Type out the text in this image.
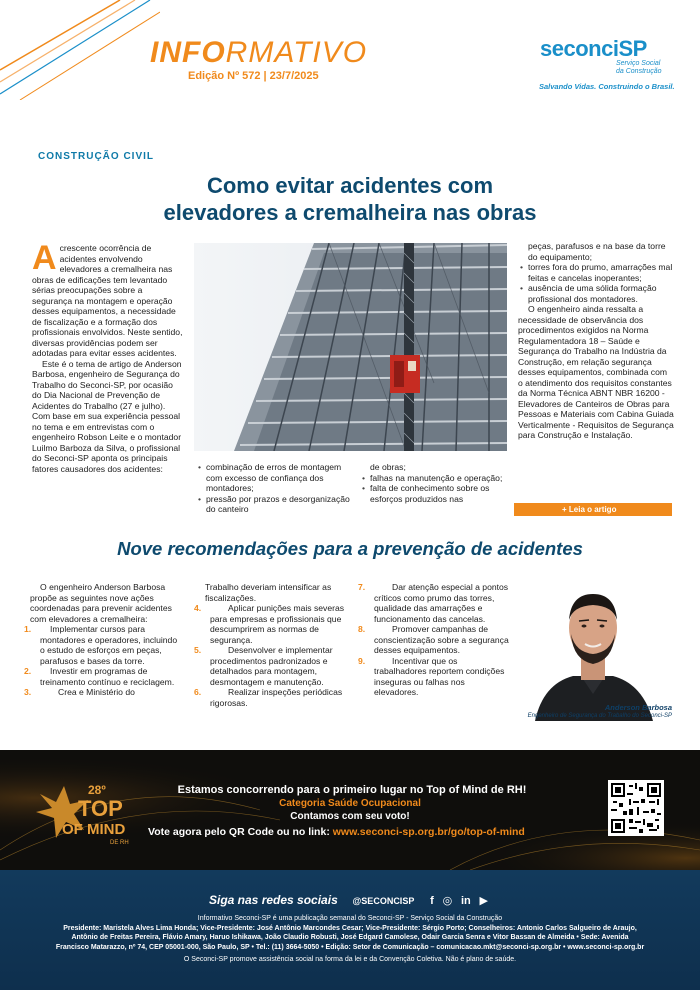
INFORMATIVO
Edição Nº 572 | 23/7/2025
seconciSP
Serviço Social
da Construção
Salvando Vidas. Construindo o Brasil.
CONSTRUÇÃO CIVIL
Como evitar acidentes com
elevadores a cremalheira nas obras

Acrescente ocorrência de acidentes envolvendo elevadores a cremalheira nas obras de edificações tem levantado sérias preocupações sobre a segurança na montagem e operação desses equipamentos, a necessidade de fiscalização e a formação dos profissionais envolvidos. Neste sentido, diversas providências podem ser adotadas para evitar esses acidentes.

Este é o tema de artigo de Anderson Barbosa, engenheiro de Segurança do Trabalho do Seconci-SP, por ocasião do Dia Nacional de Prevenção de Acidentes do Trabalho (27 e julho). Com base em sua experiência pessoal no tema e em entrevistas com o engenheiro Robson Leite e o montador Luilmo Barboza da Silva, o profissional do Seconci-SP aponta os principais fatores causadores dos acidentes:	• combinação de erros de montagem com excesso de confiança dos montadores;
• pressão por prazos e desorganização do canteiro

de obras;

• falhas na manutenção e operação;
• falta de conhecimento sobre os esforços produzidos nas

peças, parafusos e na base da torre do equipamento;

• torres fora do prumo, amarrações mal feitas e cancelas inoperantes;
• ausência de uma sólida formação profissional dos montadores.

O engenheiro ainda ressalta a necessidade de observância dos procedimentos exigidos na Norma Regulamentadora 18 – Saúde e Segurança do Trabalho na Indústria da Construção, em relação segurança desses equipamentos, combinada com o atendimento dos requisitos constantes da Norma Técnica ABNT NBR 16200 - Elevadores de Canteiros de Obras para Pessoas e Materiais com Cabina Guiada Verticalmente - Requisitos de Segurança para Construção e Instalação.

+ Leia o artigo
Nove recomendações para a prevenção de acidentes

O engenheiro Anderson Barbosa propõe as seguintes nove ações coordenadas para prevenir acidentes com elevadores a cremalheira:

1. Implementar cursos para montadores e operadores, incluindo o estudo de esforços em peças, parafusos e bases da torre.
2. Investir em programas de treinamento contínuo e reciclagem.
3.	Crea e Ministério do

Trabalho deveriam intensificar as fiscalizações.

4.	Aplicar punições mais severas para empresas e profissionais que descumprirem as normas de segurança.
5.	Desenvolver e implementar procedimentos padronizados e detalhados para montagem, desmontagem e manutenção.
6.	Realizar inspeções periódicas rigorosas.
7.	Dar atenção especial a pontos críticos como prumo das torres, qualidade das amarrações e funcionamento das cancelas.
8.	Promover campanhas de conscientização sobre a segurança desses equipamentos.
9.	Incentivar que os trabalhadores reportem condições inseguras ou falhas nos elevadores.
Anderson Barbosa
Engenheiro de Segurança do Trabalho do Seconci-SP
28º
TOP
OF MIND
DE RH
Estamos concorrendo para o primeiro lugar no Top of Mind de RH!
Categoria Saúde Ocupacional
Contamos com seu voto!
Vote agora pelo QR Code ou no link: www.seconci-sp.org.br/go/top-of-mind
Siga nas redes sociais @SECONCISP f ◎ in ▶
Informativo Seconci-SP é uma publicação semanal do Seconci-SP - Serviço Social da Construção
Presidente: Maristela Alves Lima Honda; Vice-Presidente: José Antônio Marcondes Cesar; Vice-Presidente: Sérgio Porto; Conselheiros: Antonio Carlos Salgueiro de Araujo,
Antônio de Freitas Pereira, Flávio Amary, Haruo Ishikawa, João Claudio Robusti, José Edgard Camolese, Odair Garcia Senra e Vitor Bassan de Almeida • Sede: Avenida
Francisco Matarazzo, nº 74, CEP 05001-000, São Paulo, SP • Tel.: (11) 3664-5050 • Edição: Setor de Comunicação – comunicacao.mkt@seconci-sp.org.br • www.seconci-sp.org.br
O Seconci-SP promove assistência social na forma da lei e da Convenção Coletiva. Não é plano de saúde.
